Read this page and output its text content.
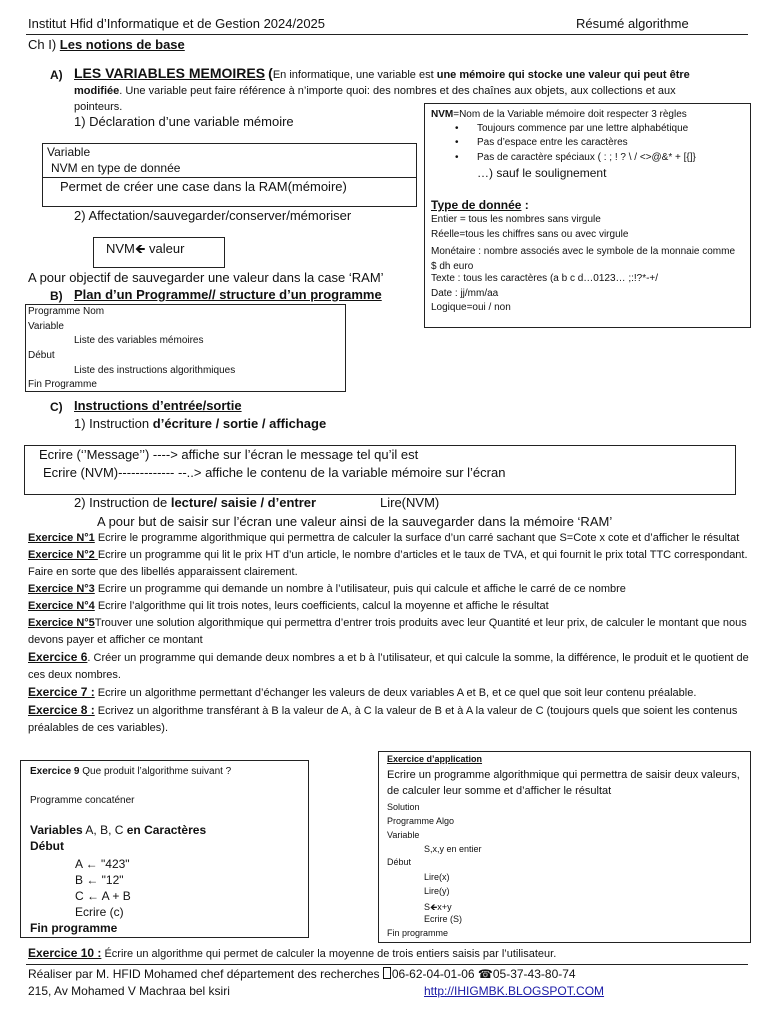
Institut Hfid d’Informatique et de Gestion 2024/2025	Résumé algorithme
Ch I) Les notions de base
A) LES VARIABLES MEMOIRES (En informatique, une variable est une mémoire qui stocke une valeur qui peut être modifiée. Une variable peut faire référence à n’importe quoi: des nombres et des chaînes aux objets, aux collections et aux pointeurs.
1) Déclaration d’une variable mémoire
Variable
NVM en type de donnée
Permet de créer une case dans la RAM(mémoire)
2) Affectation/sauvegarder/conserver/mémoriser
NVM🡸 valeur
A pour objectif de sauvegarder une valeur dans la case ‘RAM’
NVM=Nom de la Variable mémoire doit respecter 3 règles
• Toujours commence par une lettre alphabétique
• Pas d’espace entre les caractères
• Pas de caractère spéciaux ( : ; ! ? \ / <>@&* + [{]}
…) sauf le soulignement
Type de donnée :
Entier = tous les nombres sans virgule
Réelle=tous les chiffres sans ou avec virgule
Monétaire : nombre associés avec le symbole de la monnaie comme $ dh euro
Texte : tous les caractères (a b c d…0123… ;:!?*-+/
Date : jj/mm/aa
Logique=oui / non
B) Plan d’un Programme// structure d’un programme
Programme Nom
Variable
Liste des variables mémoires
Début
Liste des instructions algorithmiques
Fin Programme
C) Instructions d’entrée/sortie
1) Instruction d’écriture / sortie / affichage
Ecrire (‘’Message’’) ----> affiche sur l’écran le message tel qu’il est
Ecrire (NVM)------------- --..> affiche le contenu de la variable mémoire sur l’écran
2) Instruction de lecture/ saisie / d’entrer	Lire(NVM)
A pour but de saisir sur l’écran une valeur ainsi de la sauvegarder dans la mémoire ‘RAM’
Exercice N°1 Ecrire le programme algorithmique qui permettra de calculer la surface d’un carré sachant que S=Cote x cote et d’afficher le résultat
Exercice N°2 Ecrire un programme qui lit le prix HT d’un article, le nombre d’articles et le taux de TVA, et qui fournit le prix total TTC correspondant. Faire en sorte que des libellés apparaissent clairement.
Exercice N°3 Ecrire un programme qui demande un nombre à l’utilisateur, puis qui calcule et affiche le carré de ce nombre
Exercice N°4 Ecrire l’algorithme qui lit trois notes, leurs coefficients, calcul la moyenne et affiche le résultat
Exercice N°5Trouver une solution algorithmique qui permettra d’entrer trois produits avec leur Quantité et leur prix, de calculer le montant que nous devons payer et afficher ce montant
Exercice 6. Créer un programme qui demande deux nombres a et b à l’utilisateur, et qui calcule la somme, la différence, le produit et le quotient de ces deux nombres.
Exercice 7 : Ecrire un algorithme permettant d’échanger les valeurs de deux variables A et B, et ce quel que soit leur contenu préalable.
Exercice 8 : Ecrivez un algorithme transférant à B la valeur de A, à C la valeur de B et à A la valeur de C (toujours quels que soient les contenus préalables de ces variables).
Exercice 9 Que produit l’algorithme suivant ?
Programme concaténer
Variables A, B, C en Caractères
Début
A ← "423"
B ← "12"
C ← A + B
Ecrire (c)
Fin programme
Exercice d’application
Ecrire un programme algorithmique qui permettra de saisir deux valeurs, de calculer leur somme et d’afficher le résultat
Solution
Programme Algo
Variable
S,x,y en entier
Début
Lire(x)
Lire(y)
S🡸x+y
Ecrire (S)
Fin programme
Exercice 10 : Écrire un algorithme qui permet de calculer la moyenne de trois entiers saisis par l’utilisateur.
Réaliser par M. HFID Mohamed chef département des recherches 06-62-04-01-06 ☎05-37-43-80-74
215, Av Mohamed V Machraa bel ksiri	http://IHIGMBK.BLOGSPOT.COM
